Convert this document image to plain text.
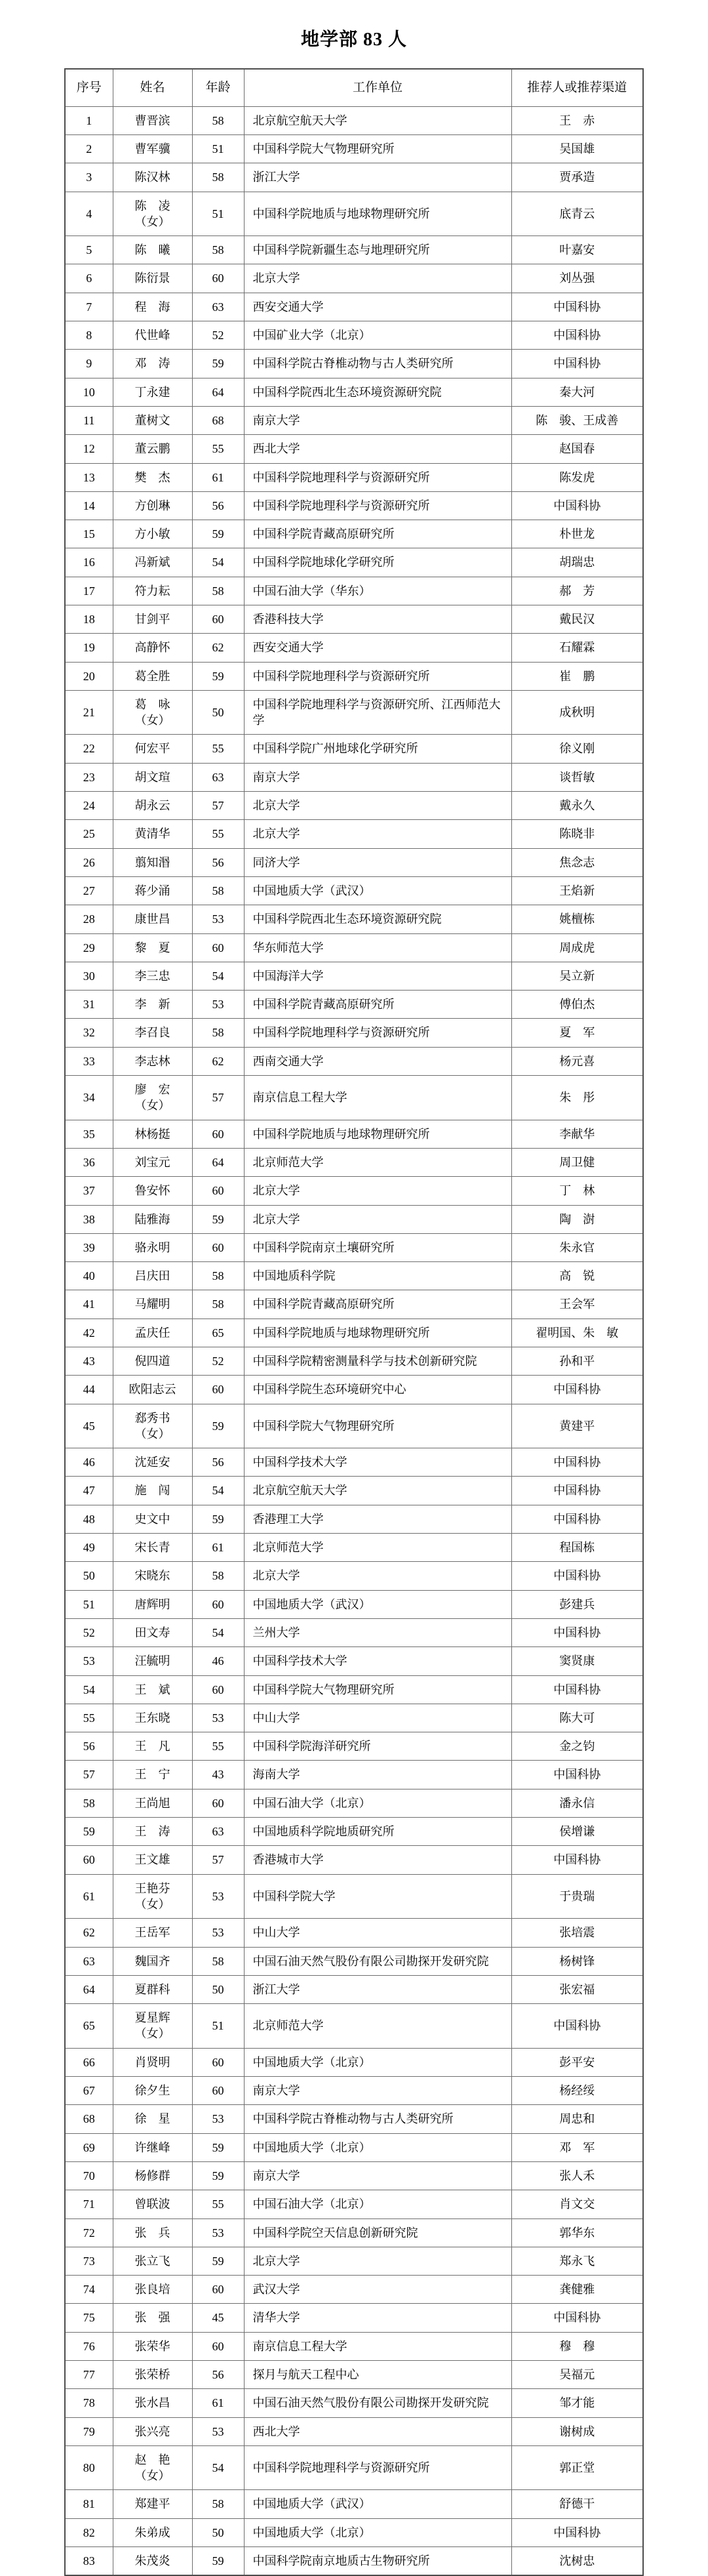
地学部 83 人
序号	姓名	年龄	工作单位	推荐人或推荐渠道
1	曹晋滨	58	北京航空航天大学	王　赤
2	曹军骥	51	中国科学院大气物理研究所	吴国雄
3	陈汉林	58	浙江大学	贾承造
4	陈　凌
（女）	51	中国科学院地质与地球物理研究所	底青云
5	陈　曦	58	中国科学院新疆生态与地理研究所	叶嘉安
6	陈衍景	60	北京大学	刘丛强
7	程　海	63	西安交通大学	中国科协
8	代世峰	52	中国矿业大学（北京）	中国科协
9	邓　涛	59	中国科学院古脊椎动物与古人类研究所	中国科协
10	丁永建	64	中国科学院西北生态环境资源研究院	秦大河
11	董树文	68	南京大学	陈　骏、王成善
12	董云鹏	55	西北大学	赵国春
13	樊　杰	61	中国科学院地理科学与资源研究所	陈发虎
14	方创琳	56	中国科学院地理科学与资源研究所	中国科协
15	方小敏	59	中国科学院青藏高原研究所	朴世龙
16	冯新斌	54	中国科学院地球化学研究所	胡瑞忠
17	符力耘	58	中国石油大学（华东）	郝　芳
18	甘剑平	60	香港科技大学	戴民汉
19	高静怀	62	西安交通大学	石耀霖
20	葛全胜	59	中国科学院地理科学与资源研究所	崔　鹏
21	葛　咏
（女）	50	中国科学院地理科学与资源研究所、江西师范大学	成秋明
22	何宏平	55	中国科学院广州地球化学研究所	徐义刚
23	胡文瑄	63	南京大学	谈哲敏
24	胡永云	57	北京大学	戴永久
25	黄清华	55	北京大学	陈晓非
26	翦知湣	56	同济大学	焦念志
27	蒋少涌	58	中国地质大学（武汉）	王焰新
28	康世昌	53	中国科学院西北生态环境资源研究院	姚檀栋
29	黎　夏	60	华东师范大学	周成虎
30	李三忠	54	中国海洋大学	吴立新
31	李　新	53	中国科学院青藏高原研究所	傅伯杰
32	李召良	58	中国科学院地理科学与资源研究所	夏　军
33	李志林	62	西南交通大学	杨元喜
34	廖　宏
（女）	57	南京信息工程大学	朱　彤
35	林杨挺	60	中国科学院地质与地球物理研究所	李献华
36	刘宝元	64	北京师范大学	周卫健
37	鲁安怀	60	北京大学	丁　林
38	陆雅海	59	北京大学	陶　澍
39	骆永明	60	中国科学院南京土壤研究所	朱永官
40	吕庆田	58	中国地质科学院	高　锐
41	马耀明	58	中国科学院青藏高原研究所	王会军
42	孟庆任	65	中国科学院地质与地球物理研究所	翟明国、朱　敏
43	倪四道	52	中国科学院精密测量科学与技术创新研究院	孙和平
44	欧阳志云	60	中国科学院生态环境研究中心	中国科协
45	郄秀书
（女）	59	中国科学院大气物理研究所	黄建平
46	沈延安	56	中国科学技术大学	中国科协
47	施　闯	54	北京航空航天大学	中国科协
48	史文中	59	香港理工大学	中国科协
49	宋长青	61	北京师范大学	程国栋
50	宋晓东	58	北京大学	中国科协
51	唐辉明	60	中国地质大学（武汉）	彭建兵
52	田文寿	54	兰州大学	中国科协
53	汪毓明	46	中国科学技术大学	窦贤康
54	王　斌	60	中国科学院大气物理研究所	中国科协
55	王东晓	53	中山大学	陈大可
56	王　凡	55	中国科学院海洋研究所	金之钧
57	王　宁	43	海南大学	中国科协
58	王尚旭	60	中国石油大学（北京）	潘永信
59	王　涛	63	中国地质科学院地质研究所	侯增谦
60	王文雄	57	香港城市大学	中国科协
61	王艳芬
（女）	53	中国科学院大学	于贵瑞
62	王岳军	53	中山大学	张培震
63	魏国齐	58	中国石油天然气股份有限公司勘探开发研究院	杨树锋
64	夏群科	50	浙江大学	张宏福
65	夏星辉
（女）	51	北京师范大学	中国科协
66	肖贤明	60	中国地质大学（北京）	彭平安
67	徐夕生	60	南京大学	杨经绥
68	徐　星	53	中国科学院古脊椎动物与古人类研究所	周忠和
69	许继峰	59	中国地质大学（北京）	邓　军
70	杨修群	59	南京大学	张人禾
71	曾联波	55	中国石油大学（北京）	肖文交
72	张　兵	53	中国科学院空天信息创新研究院	郭华东
73	张立飞	59	北京大学	郑永飞
74	张良培	60	武汉大学	龚健雅
75	张　强	45	清华大学	中国科协
76	张荣华	60	南京信息工程大学	穆　穆
77	张荣桥	56	探月与航天工程中心	吴福元
78	张水昌	61	中国石油天然气股份有限公司勘探开发研究院	邹才能
79	张兴亮	53	西北大学	谢树成
80	赵　艳
（女）	54	中国科学院地理科学与资源研究所	郭正堂
81	郑建平	58	中国地质大学（武汉）	舒德干
82	朱弟成	50	中国地质大学（北京）	中国科协
83	朱茂炎	59	中国科学院南京地质古生物研究所	沈树忠
